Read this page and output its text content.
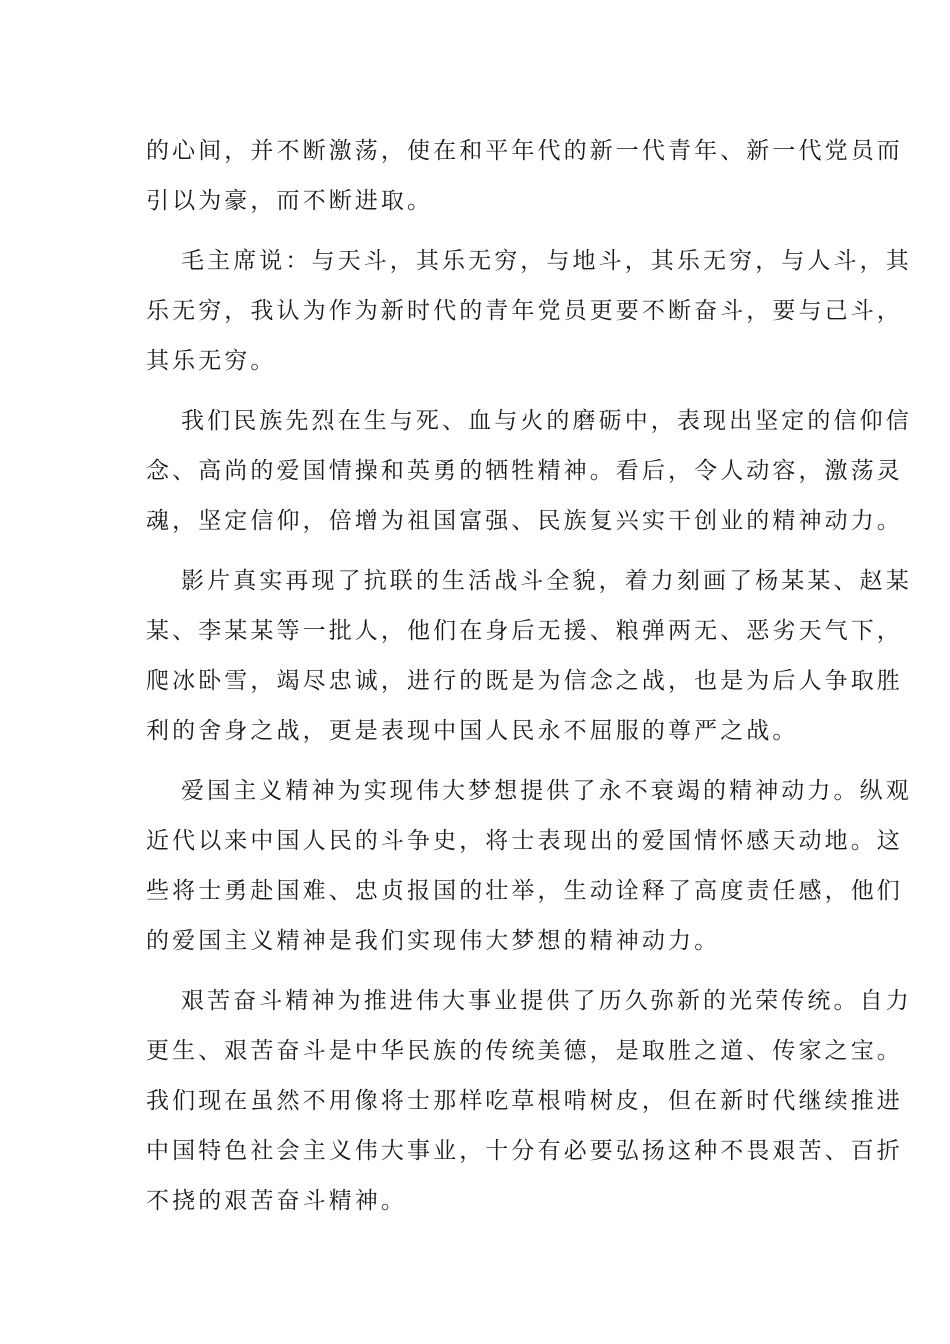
的心间，并不断激荡，使在和平年代的新一代青年、新一代党员而
引以为豪，而不断进取。
毛主席说：与天斗，其乐无穷，与地斗，其乐无穷，与人斗，其
乐无穷，我认为作为新时代的青年党员更要不断奋斗，要与己斗，
其乐无穷。
我们民族先烈在生与死、血与火的磨砺中，表现出坚定的信仰信
念、高尚的爱国情操和英勇的牺牲精神。看后，令人动容，激荡灵
魂，坚定信仰，倍增为祖国富强、民族复兴实干创业的精神动力。
影片真实再现了抗联的生活战斗全貌，着力刻画了杨某某、赵某
某、李某某等一批人，他们在身后无援、粮弹两无、恶劣天气下，
爬冰卧雪，竭尽忠诚，进行的既是为信念之战，也是为后人争取胜
利的舍身之战，更是表现中国人民永不屈服的尊严之战。
爱国主义精神为实现伟大梦想提供了永不衰竭的精神动力。纵观
近代以来中国人民的斗争史，将士表现出的爱国情怀感天动地。这
些将士勇赴国难、忠贞报国的壮举，生动诠释了高度责任感，他们
的爱国主义精神是我们实现伟大梦想的精神动力。
艰苦奋斗精神为推进伟大事业提供了历久弥新的光荣传统。自力
更生、艰苦奋斗是中华民族的传统美德，是取胜之道、传家之宝。
我们现在虽然不用像将士那样吃草根啃树皮，但在新时代继续推进
中国特色社会主义伟大事业，十分有必要弘扬这种不畏艰苦、百折
不挠的艰苦奋斗精神。
